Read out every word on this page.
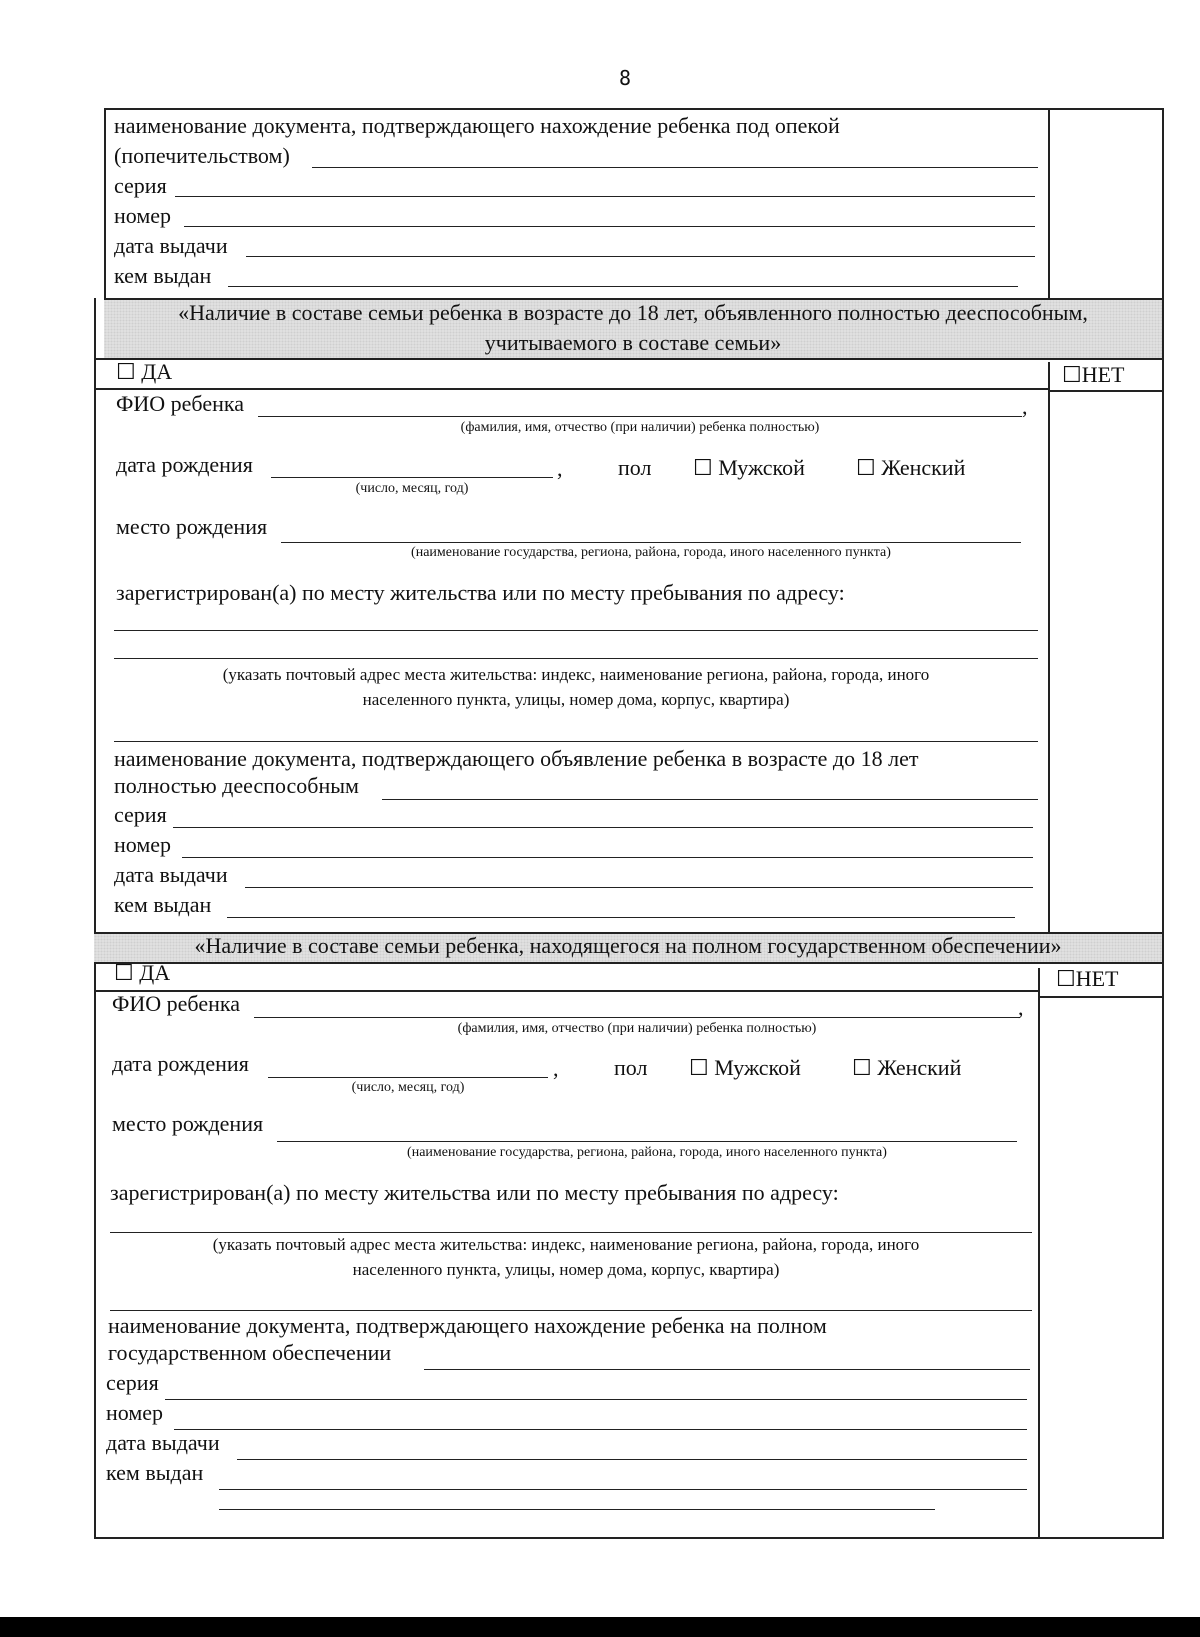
8
наименование документа, подтверждающего нахождение ребенка под опекой
(попечительством)
серия
номер
дата выдачи
кем выдан
«Наличие в составе семьи ребенка в возрасте до 18 лет, объявленного полностью дееспособным,
учитываемого в составе семьи»
☐ ДА	☐НЕТ
ФИО ребенка	,
(фамилия, имя, отчество (при наличии) ребенка полностью)
дата рождения	,
(число, месяц, год)
пол ☐ Мужской ☐ Женский
место рождения
(наименование государства, региона, района, города, иного населенного пункта)
зарегистрирован(а) по месту жительства или по месту пребывания по адресу:
(указать почтовый адрес места жительства: индекс, наименование региона, района, города, иного
населенного пункта, улицы, номер дома, корпус, квартира)
наименование документа, подтверждающего объявление ребенка в возрасте до 18 лет
полностью дееспособным
серия
номер
дата выдачи
кем выдан
«Наличие в составе семьи ребенка, находящегося на полном государственном обеспечении»
☐ ДА	☐НЕТ
ФИО ребенка	,
(фамилия, имя, отчество (при наличии) ребенка полностью)
дата рождения	,
(число, месяц, год)
пол ☐ Мужской ☐ Женский
место рождения
(наименование государства, региона, района, города, иного населенного пункта)
зарегистрирован(а) по месту жительства или по месту пребывания по адресу:
(указать почтовый адрес места жительства: индекс, наименование региона, района, города, иного
населенного пункта, улицы, номер дома, корпус, квартира)
наименование документа, подтверждающего нахождение ребенка на полном
государственном обеспечении
серия
номер
дата выдачи
кем выдан
